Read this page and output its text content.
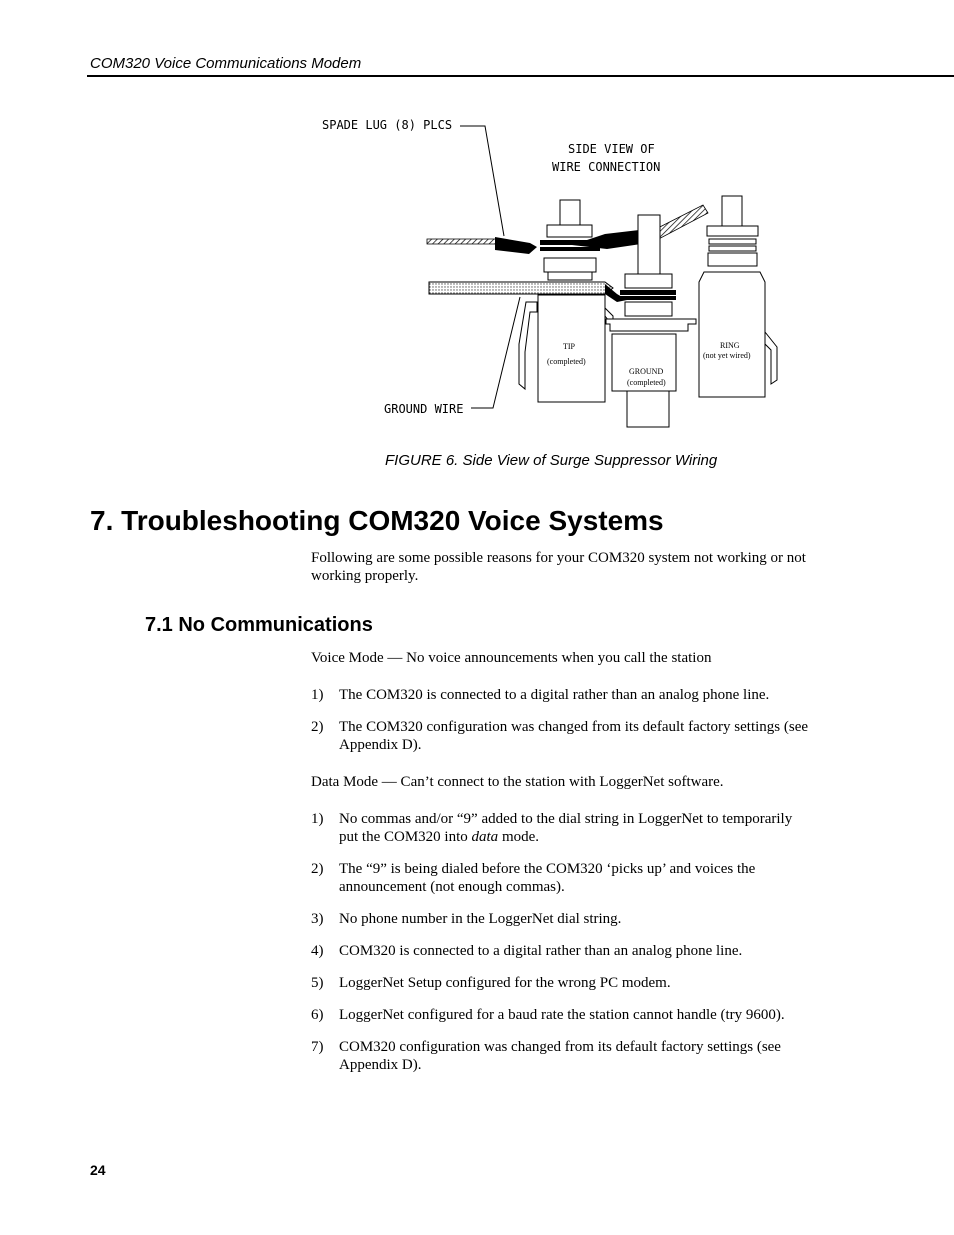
COM320 Voice Communications Modem
SPADE LUG (8) PLCS
SIDE VIEW OF
WIRE CONNECTION
GROUND WIRE
TIP
(completed)
GROUND
(completed)
RING
(not yet wired)
FIGURE 6. Side View of Surge Suppressor Wiring
7. Troubleshooting COM320 Voice Systems
Following are some possible reasons for your COM320 system not working or not working properly.
7.1 No Communications
Voice Mode — No voice announcements when you call the station
1)	The COM320 is connected to a digital rather than an analog phone line.
2)	The COM320 configuration was changed from its default factory settings (see Appendix D).
Data Mode — Can’t connect to the station with LoggerNet software.
1)	No commas and/or “9” added to the dial string in LoggerNet to temporarily put the COM320 into data mode.
2)	The “9” is being dialed before the COM320 ‘picks up’ and voices the announcement (not enough commas).
3)	No phone number in the LoggerNet dial string.
4)	COM320 is connected to a digital rather than an analog phone line.
5)	LoggerNet Setup configured for the wrong PC modem.
6)	LoggerNet configured for a baud rate the station cannot handle (try 9600).
7)	COM320 configuration was changed from its default factory settings (see Appendix D).
24
